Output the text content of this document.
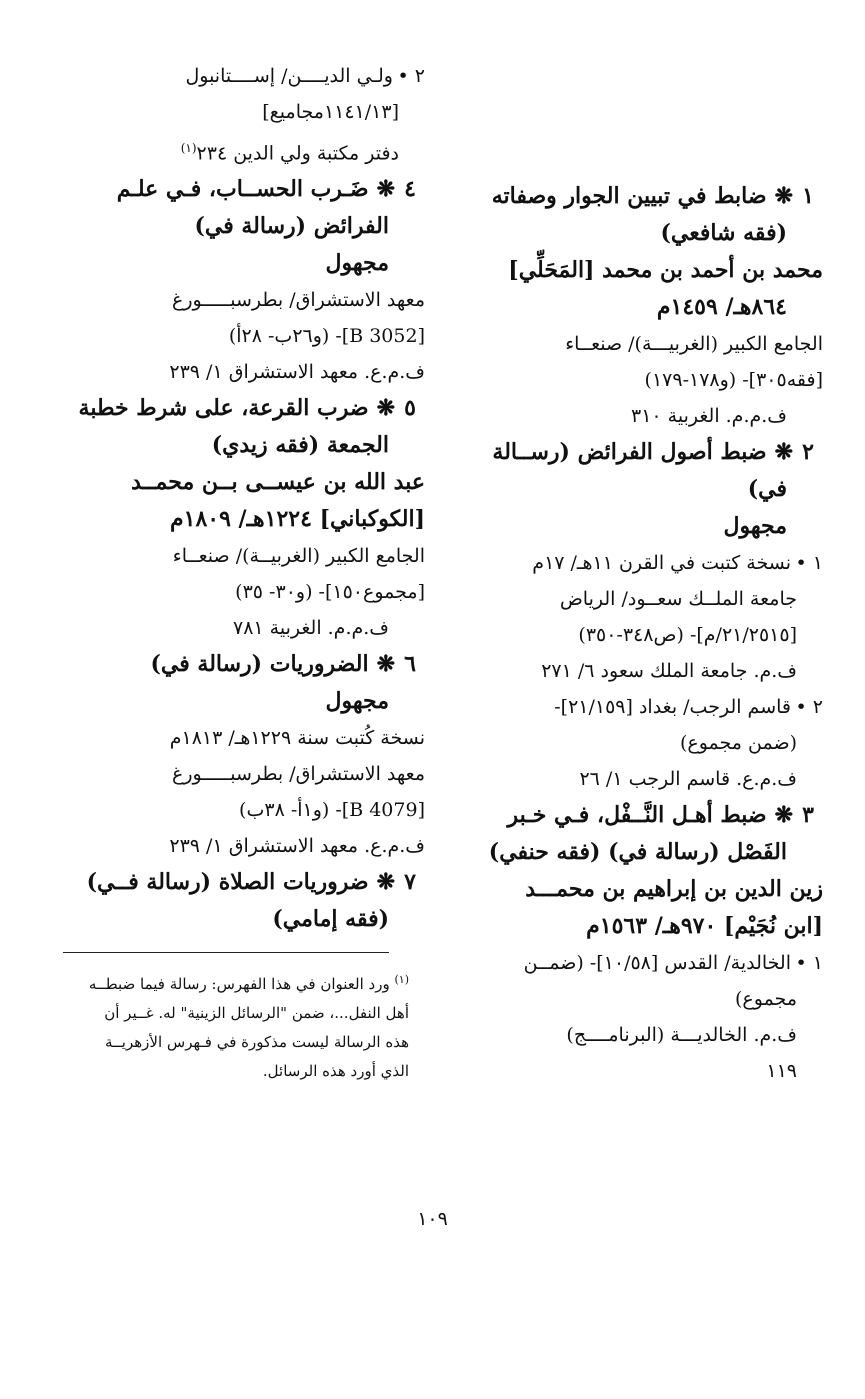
١❋ضابط في تبيين الجوار وصفاته
(فقه شافعي)
محمد بن أحمد بن محمد [المَحَلِّي]
٨٦٤هـ/ ١٤٥٩م
الجامع الكبير (الغربيـــة)/ صنعــاء
[فقه٣٠٥]- (و١٧٨-١٧٩)
ف.م.م. الغربية ٣١٠
٢❋ضبط أصول الفرائض (رســالة
في)
مجهول
١ •نسخة كتبت في القرن ١١هـ/ ١٧م
جامعة الملــك سعــود/ الرياض
[٢١/٢٥١٥/م]- (ص٣٤٨-٣٥٠)
ف.م. جامعة الملك سعود ٦/ ٢٧١
٢ •قاسم الرجب/ بغداد [٢١/١٥٩]-
(ضمن مجموع)
ف.م.ع. قاسم الرجب ١/ ٢٦
٣❋ضبط أهـل النَّــفْل، فـي خـبر
الفَصْل (رسالة في) (فقه حنفي)
زين الدين بن إبراهيم بن محمـــد
[ابن نُجَيْم] ٩٧٠هـ/ ١٥٦٣م
١ •الخالدية/ القدس [١٠/٥٨]- (ضمــن
مجموع)
ف.م. الخالديـــة (البرنامــــج)
١١٩
٢ •ولـي الديــــن/ إســــتانبول
[١١٤١/١٣مجاميع]
دفتر مكتبة ولي الدين ٢٣٤$^{(١)}$
٤❋ضَـرب الحســاب، فـي علـم
الفرائض (رسالة في)
مجهول
معهد الاستشراق/ بطرسبـــــورغ
[B 3052]- (و٢٦ب- ٢٨أ)
ف.م.ع. معهد الاستشراق ١/ ٢٣٩
٥❋ضرب القرعة، على شرط خطبة
الجمعة (فقه زيدي)
عبد الله بن عيســى بــن محمــد
[الكوكباني] ١٢٢٤هـ/ ١٨٠٩م
الجامع الكبير (الغربيــة)/ صنعــاء
[مجموع١٥٠]- (و٣٠- ٣٥)
ف.م.م. الغربية ٧٨١
٦❋الضروريات (رسالة في)
مجهول
نسخة كُتبت سنة ١٢٢٩هـ/ ١٨١٣م
معهد الاستشراق/ بطرسبـــــورغ
[B 4079]- (و١أ- ٣٨ب)
ف.م.ع. معهد الاستشراق ١/ ٢٣٩
٧❋ضروريات الصلاة (رسالة فــي)
(فقه إمامي)
$^{(١)}$ ورد العنوان في هذا الفهرس: رسالة فيما ضبطــه
أهل النفل...، ضمن "الرسائل الزينية" له. غــير أن
هذه الرسالة ليست مذكورة في فـهرس الأزهريــة
الذي أورد هذه الرسائل.
١٠٩
